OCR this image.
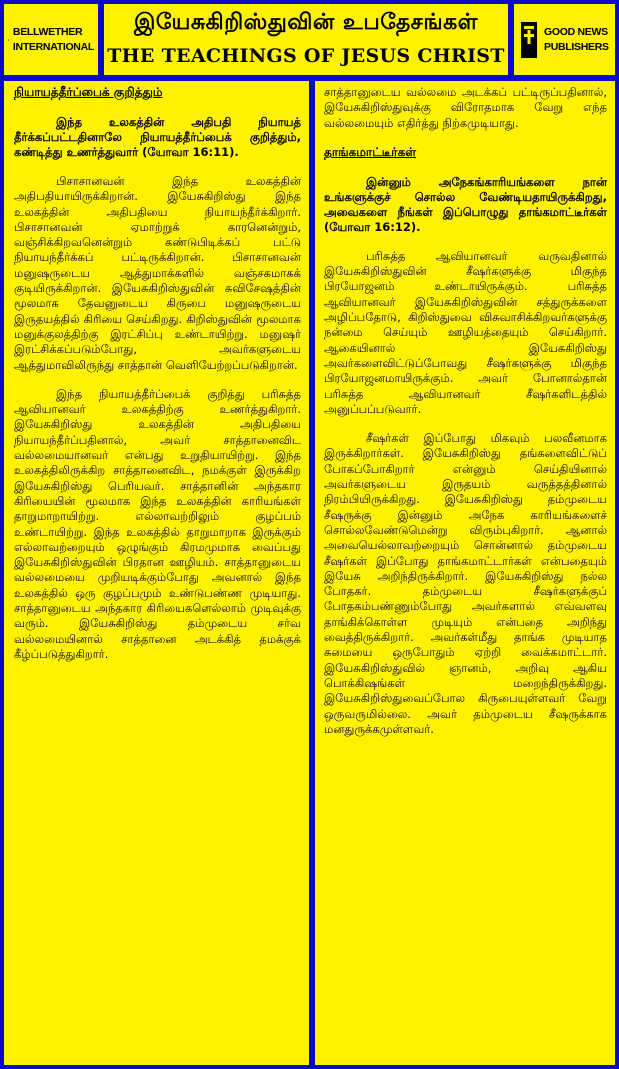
BELLWETHER
INTERNATIONAL
இயேசுகிறிஸ்துவின் உபதேசங்கள்
THE TEACHINGS OF JESUS CHRIST
GOOD NEWS
PUBLISHERS

நியாயத்தீர்ப்பைக் குறித்தும்

இந்த உலகத்தின் அதிபதி நியாயத் தீர்க்கப்பட்டதினாலே நியாயத்தீர்ப்பைக் குறித்தும், கண்டித்து உணர்த்துவார் (யோவா 16:11).

பிசாசானவன் இந்த உலகத்தின் அதிபதியாயிருக்கிறான். இயேசுகிறிஸ்து இந்த உலகத்தின் அதிபதியை நியாயந்தீர்க்கிறார். பிசாசானவன் ஏமாற்றுக் காரனென்றும், வஞ்சிக்கிறவனென்றும் கண்டுபிடிக்கப் பட்டு நியாயந்தீர்க்கப் பட்டிருக்கிறான். பிசாசானவன் மனுஷருடைய ஆத்துமாக்களில் வஞ்சகமாகக் குடியிருக்கிறான். இயேசுகிறிஸ்துவின் சுவிசேஷத்தின் மூலமாக தேவனுடைய கிருபை மனுஷருடைய இருதயத்தில் கிரியை செய்கிறது. கிறிஸ்துவின் மூலமாக மனுக்குலத்திற்கு இரட்சிப்பு உண்டாயிற்று. மனுஷர் இரட்சிக்கப்படும்போது, அவர்களுடைய ஆத்துமாவிலிருந்து சாத்தான் வெளியேற்றப்படுகிறான்.

இந்த நியாயத்தீர்ப்பைக் குறித்து பரிசுத்த ஆவியானவர் உலகத்திற்கு உணர்த்துகிறார். இயேசுகிறிஸ்து உலகத்தின் அதிபதியை நியாயந்தீர்ப்பதினால், அவர் சாத்தானைவிட வல்லமையானவர் என்பது உறுதியாயிற்று. இந்த உலகத்திலிருக்கிற சாத்தானைவிட, நமக்குள் இருக்கிற இயேசுகிறிஸ்து பெரியவர். சாத்தானின் அந்தகார கிரியையின் மூலமாக இந்த உலகத்தின் காரியங்கள் தாறுமாறாயிற்று. எல்லாவற்றிலும் குழப்பம் உண்டாயிற்று. இந்த உலகத்தில் தாறுமாறாக இருக்கும் எல்லாவற்றையும் ஒழுங்கும் கிரமமுமாக வைப்பது இயேசுகிறிஸ்துவின் பிரதான ஊழியம். சாத்தானுடைய வல்லமையை முறியடிக்கும்போது அவனால் இந்த உலகத்தில் ஒரு குழப்பமும் உண்டுபண்ண முடியாது. சாத்தானுடைய அந்தகார கிரியைகளெல்லாம் முடிவுக்கு வரும். இயேசுகிறிஸ்து தம்முடைய சர்வ வல்லமையினால் சாத்தானை அடக்கித் தமக்குக் கீழ்ப்படுத்துகிறார்.

சாத்தானுடைய வல்லமை அடக்கப் பட்டிருப்பதினால், இயேசுகிறிஸ்துவுக்கு விரோதமாக வேறு எந்த வல்லமையும் எதிர்த்து நிற்கமுடியாது.

தாங்கமாட்டீர்கள்

இன்னும் அநேகங்காரியங்களை நான் உங்களுக்குச் சொல்ல வேண்டியதாயிருக்கிறது, அவைகளை நீங்கள் இப்பொழுது தாங்கமாட்டீர்கள் (யோவா 16:12).

பரிசுத்த ஆவியானவர் வருவதினால் இயேசுகிறிஸ்துவின் சீஷர்களுக்கு மிகுந்த பிரயோஜனம் உண்டாயிருக்கும். பரிசுத்த ஆவியானவர் இயேசுகிறிஸ்துவின் சத்துருக்களை அழிப்பதோடு, கிறிஸ்துவை விசுவாசிக்கிறவர்களுக்கு நன்மை செய்யும் ஊழியத்தையும் செய்கிறார். ஆகையினால் இயேசுகிறிஸ்து அவர்களைவிட்டுப்போவது சீஷர்களுக்கு மிகுந்த பிரயோஜனமாயிருக்கும். அவர் போனால்தான் பரிசுத்த ஆவியானவர் சீஷர்களிடத்தில் அனுப்பப்படுவார்.

சீஷர்கள் இப்போது மிகவும் பலவீனமாக இருக்கிறார்கள். இயேசுகிறிஸ்து தங்களைவிட்டுப் போகப்போகிறார் என்னும் செய்தியினால் அவர்களுடைய இருதயம் வருத்தத்தினால் நிரம்பியிருக்கிறது. இயேசுகிறிஸ்து தம்முடைய சீஷருக்கு இன்னும் அநேக காரியங்களைச் சொல்லவேண்டுமென்று விரும்புகிறார். ஆனால் அவையெல்லாவற்றையும் சொன்னால் தம்முடைய சீஷர்கள் இப்போது தாங்கமாட்டார்கள் என்பதையும் இயேசு அறிந்திருக்கிறார். இயேசுகிறிஸ்து நல்ல போதகர். தம்முடைய சீஷர்களுக்குப் போதகம்பண்ணும்போது அவர்களால் எவ்வளவு தாங்கிக்கொள்ள முடியும் என்பதை அறிந்து வைத்திருக்கிறார். அவர்கள்மீது தாங்க முடியாத சுமையை ஒருபோதும் ஏற்றி வைக்கமாட்டார். இயேசுகிறிஸ்துவில் ஞானம், அறிவு ஆகிய பொக்கிஷங்கள் மறைந்திருக்கிறது. இயேசுகிறிஸ்துவைப்போல கிருபையுள்ளவர் வேறு ஒருவருமில்லை. அவர் தம்முடைய சீஷருக்காக மனதுருக்கமுள்ளவர்.
